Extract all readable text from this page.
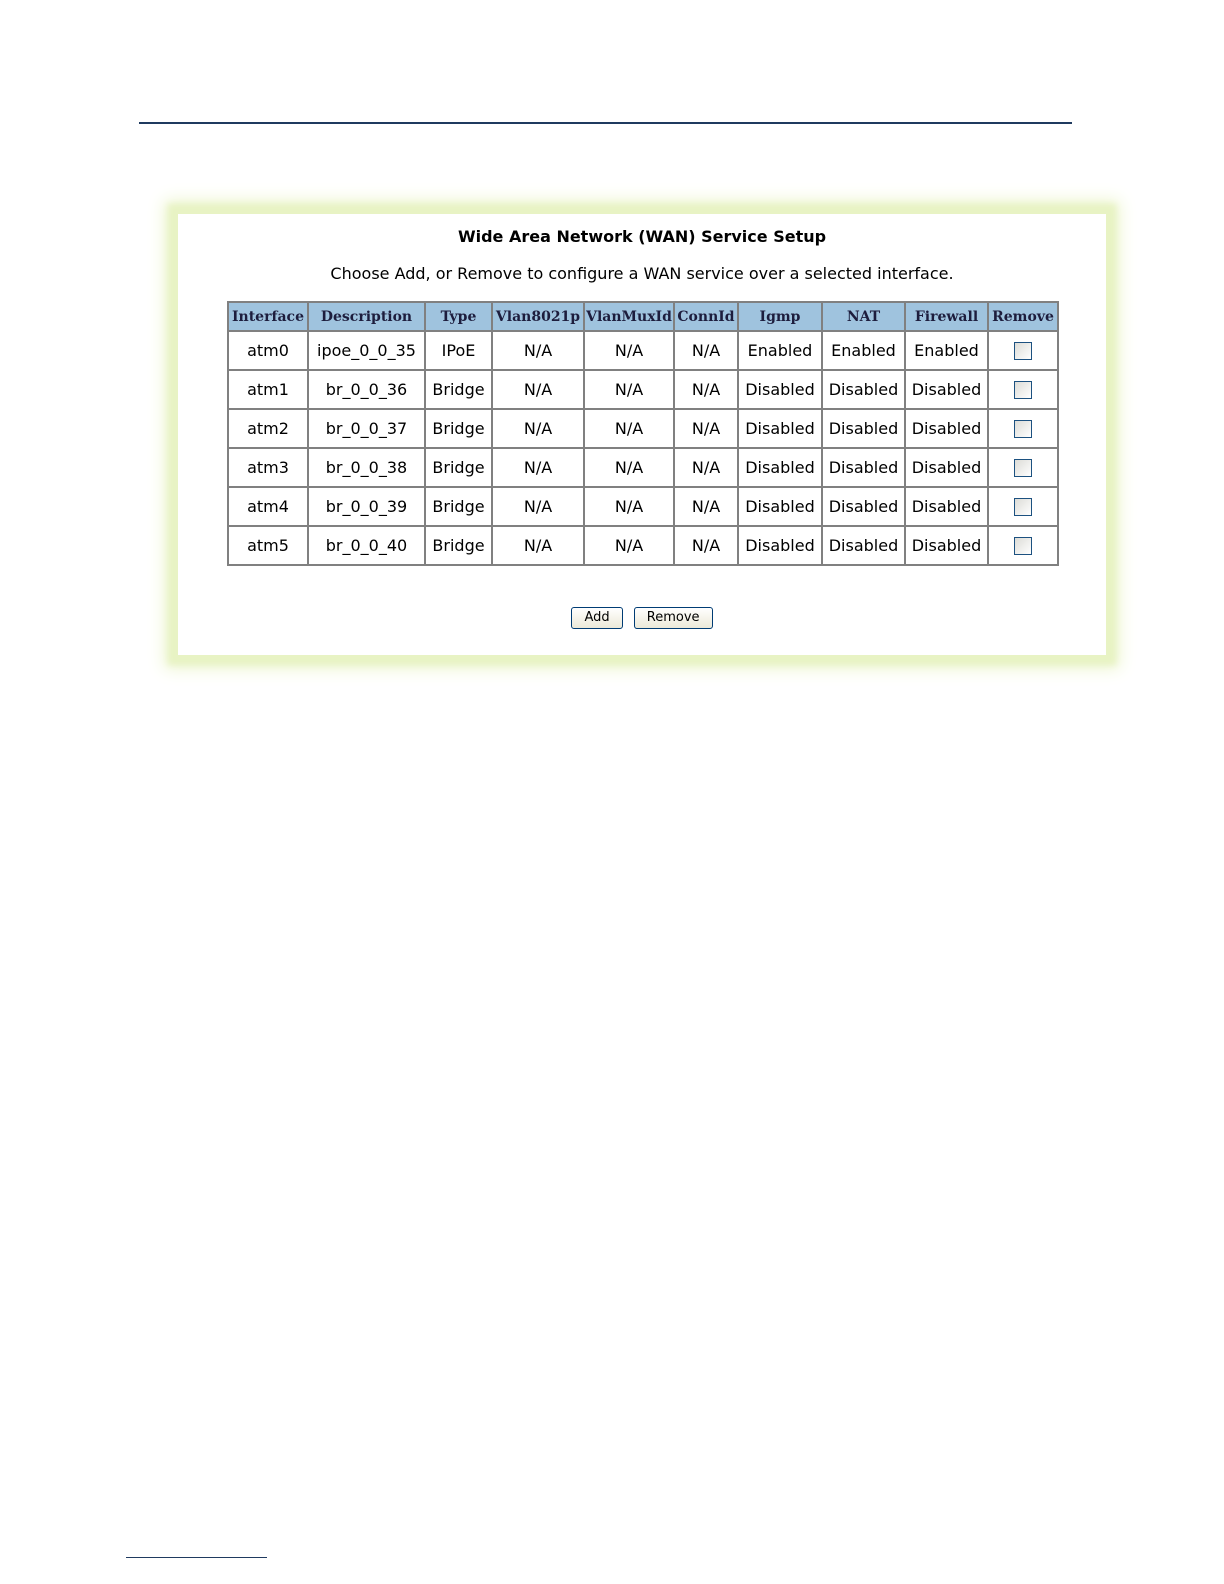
Wide Area Network (WAN) Service Setup
Choose Add, or Remove to configure a WAN service over a selected interface.
Interface	Description	Type	Vlan8021p	VlanMuxId	ConnId	Igmp	NAT	Firewall	Remove
atm0	ipoe_0_0_35	IPoE	N/A	N/A	N/A	Enabled	Enabled	Enabled	
atm1	br_0_0_36	Bridge	N/A	N/A	N/A	Disabled	Disabled	Disabled	
atm2	br_0_0_37	Bridge	N/A	N/A	N/A	Disabled	Disabled	Disabled	
atm3	br_0_0_38	Bridge	N/A	N/A	N/A	Disabled	Disabled	Disabled	
atm4	br_0_0_39	Bridge	N/A	N/A	N/A	Disabled	Disabled	Disabled	
atm5	br_0_0_40	Bridge	N/A	N/A	N/A	Disabled	Disabled	Disabled	
Add	Remove
